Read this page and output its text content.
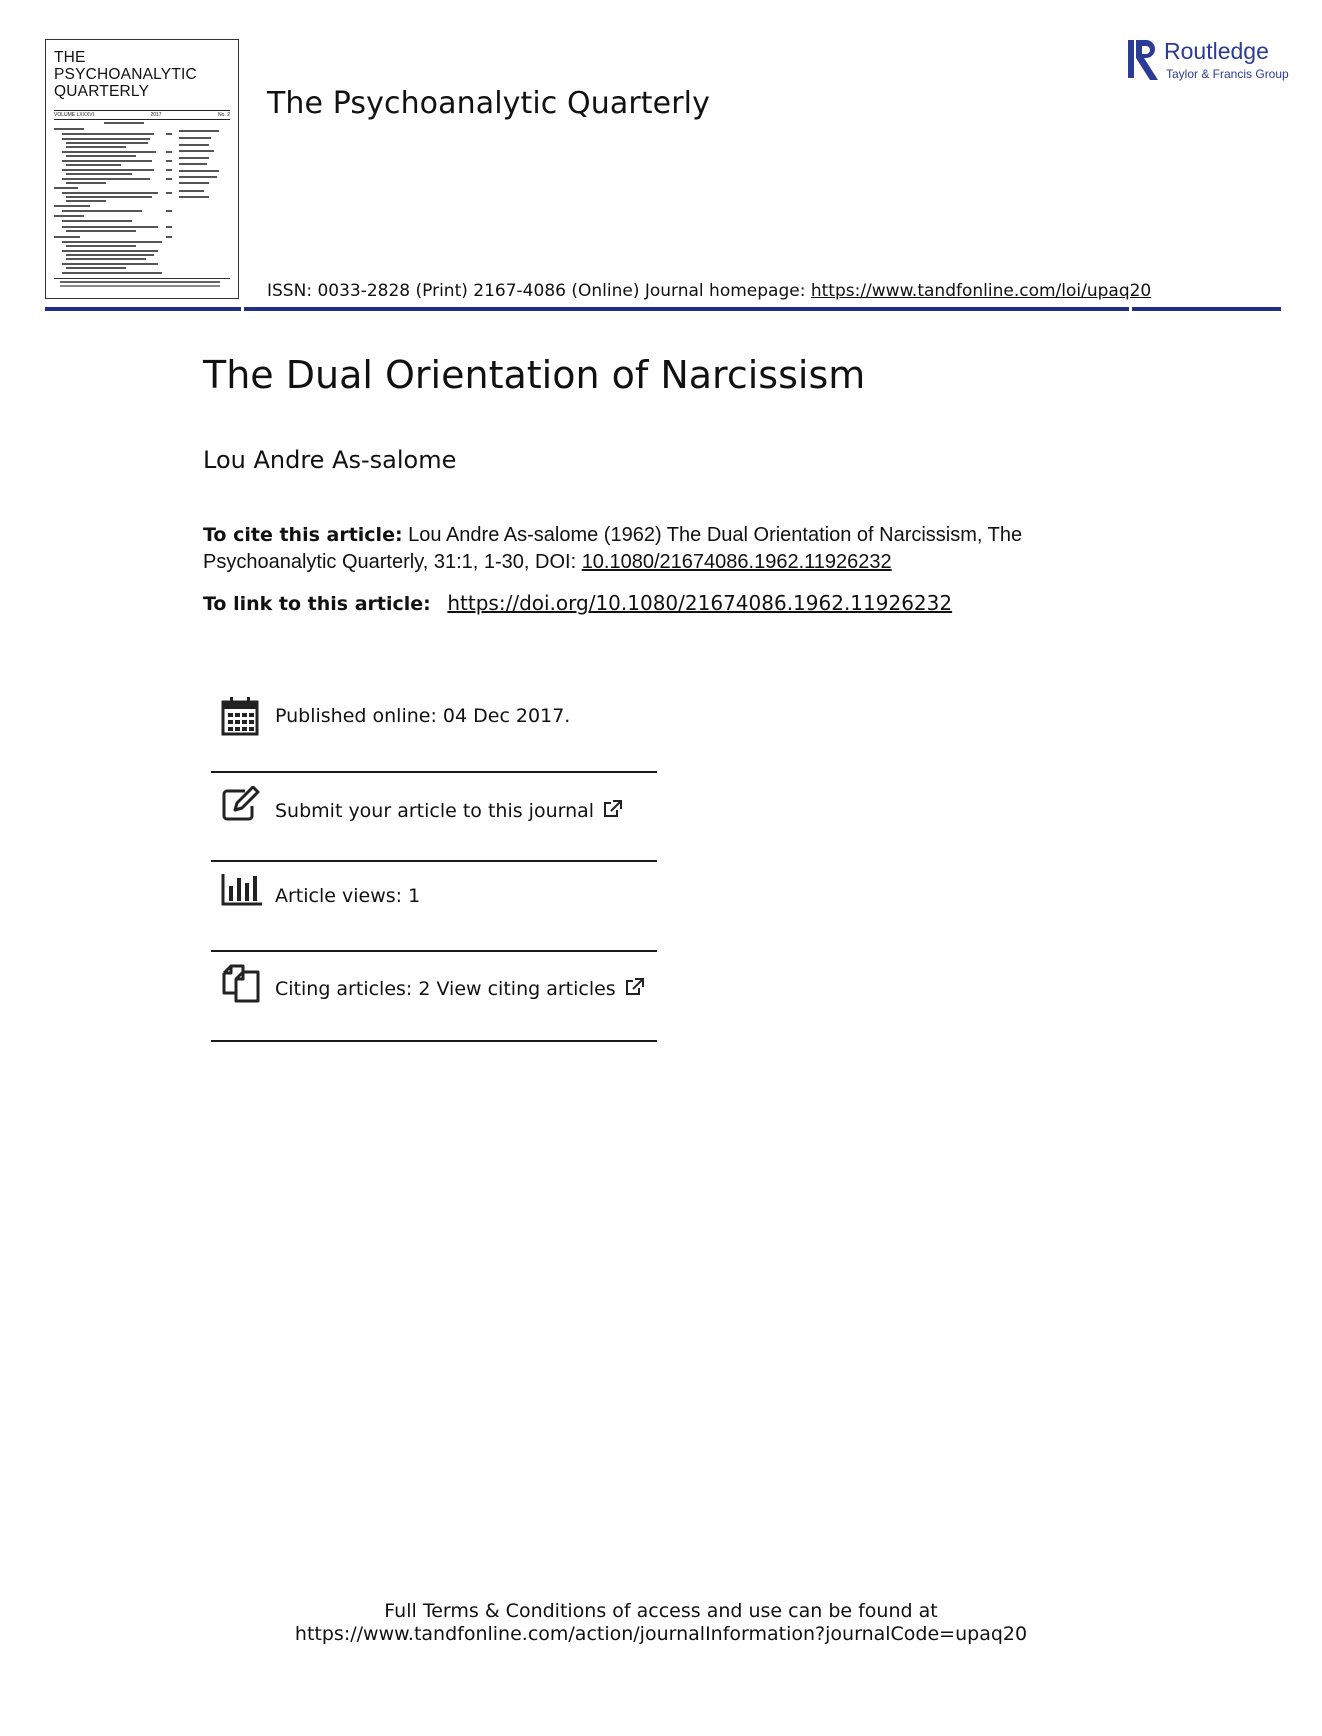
THE
PSYCHOANALYTIC
QUARTERLY
VOLUME LXXXVI	2017	No. 2 The Psychoanalytic Quarterly
ISSN: 0033-2828 (Print) 2167-4086 (Online) Journal homepage: https://www.tandfonline.com/loi/upaq20
Routledge
Taylor & Francis Group
The Dual Orientation of Narcissism
Lou Andre As-salome
To cite this article: Lou Andre As-salome (1962) The Dual Orientation of Narcissism, The Psychoanalytic Quarterly, 31:1, 1-30, DOI: 10.1080/21674086.1962.11926232
To link to this article: https://doi.org/10.1080/21674086.1962.11926232
Published online: 04 Dec 2017.
Submit your article to this journal
Article views: 1
Citing articles: 2 View citing articles
Full Terms & Conditions of access and use can be found at
https://www.tandfonline.com/action/journalInformation?journalCode=upaq20
